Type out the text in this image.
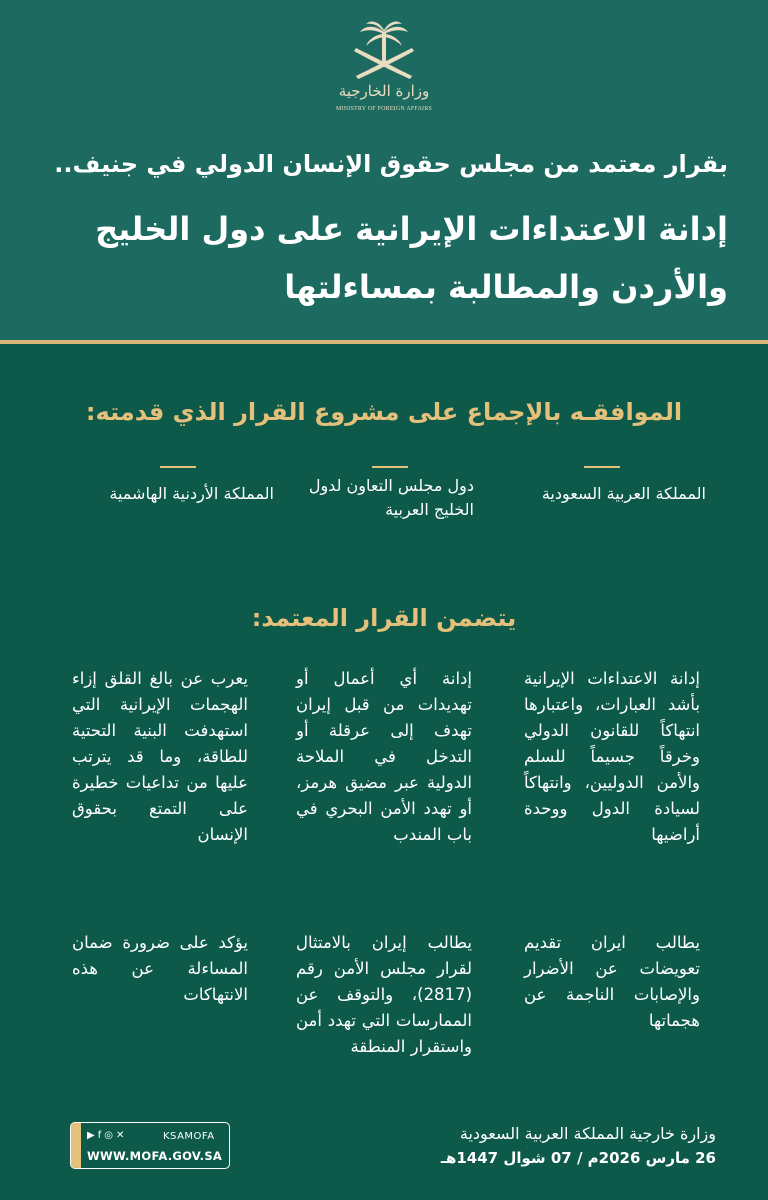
وزارة الخارجية
MINISTRY OF FOREIGN AFFAIRS
بقرار معتمد من مجلس حقوق الإنسان الدولي في جنيف..
إدانة الاعتداءات الإيرانية على دول الخليج والأردن والمطالبة بمساءلتها
الموافقـه بالإجماع على مشروع القرار الذي قدمته:
المملكة العربية السعودية
دول مجلس التعاون لدول الخليج العربية
المملكة الأردنية الهاشمية
يتضمن القرار المعتمد:
إدانة الاعتداءات الإيرانية بأشد العبارات، واعتبارها انتهاكاً للقانون الدولي وخرقاً جسيماً للسلم والأمن الدوليين، وانتهاكاً لسيادة الدول ووحدة أراضيها
إدانة أي أعمال أو تهديدات من قبل إيران تهدف إلى عرقلة أو التدخل في الملاحة الدولية عبر مضيق هرمز، أو تهدد الأمن البحري في باب المندب
يعرب عن بالغ القلق إزاء الهجمات الإيرانية التي استهدفت البنية التحتية للطاقة، وما قد يترتب عليها من تداعيات خطيرة على التمتع بحقوق الإنسان
يطالب ايران تقديم تعويضات عن الأضرار والإصابات الناجمة عن هجماتها
يطالب إيران بالامتثال لقرار مجلس الأمن رقم (2817)، والتوقف عن الممارسات التي تهدد أمن واستقرار المنطقة
يؤكد على ضرورة ضمان المساءلة عن هذه الانتهاكات
▶ f ◎ ✕	KSAMOFA
WWW.MOFA.GOV.SA
وزارة خارجية المملكة العربية السعودية
26 مارس 2026م / 07 شوال 1447هـ
